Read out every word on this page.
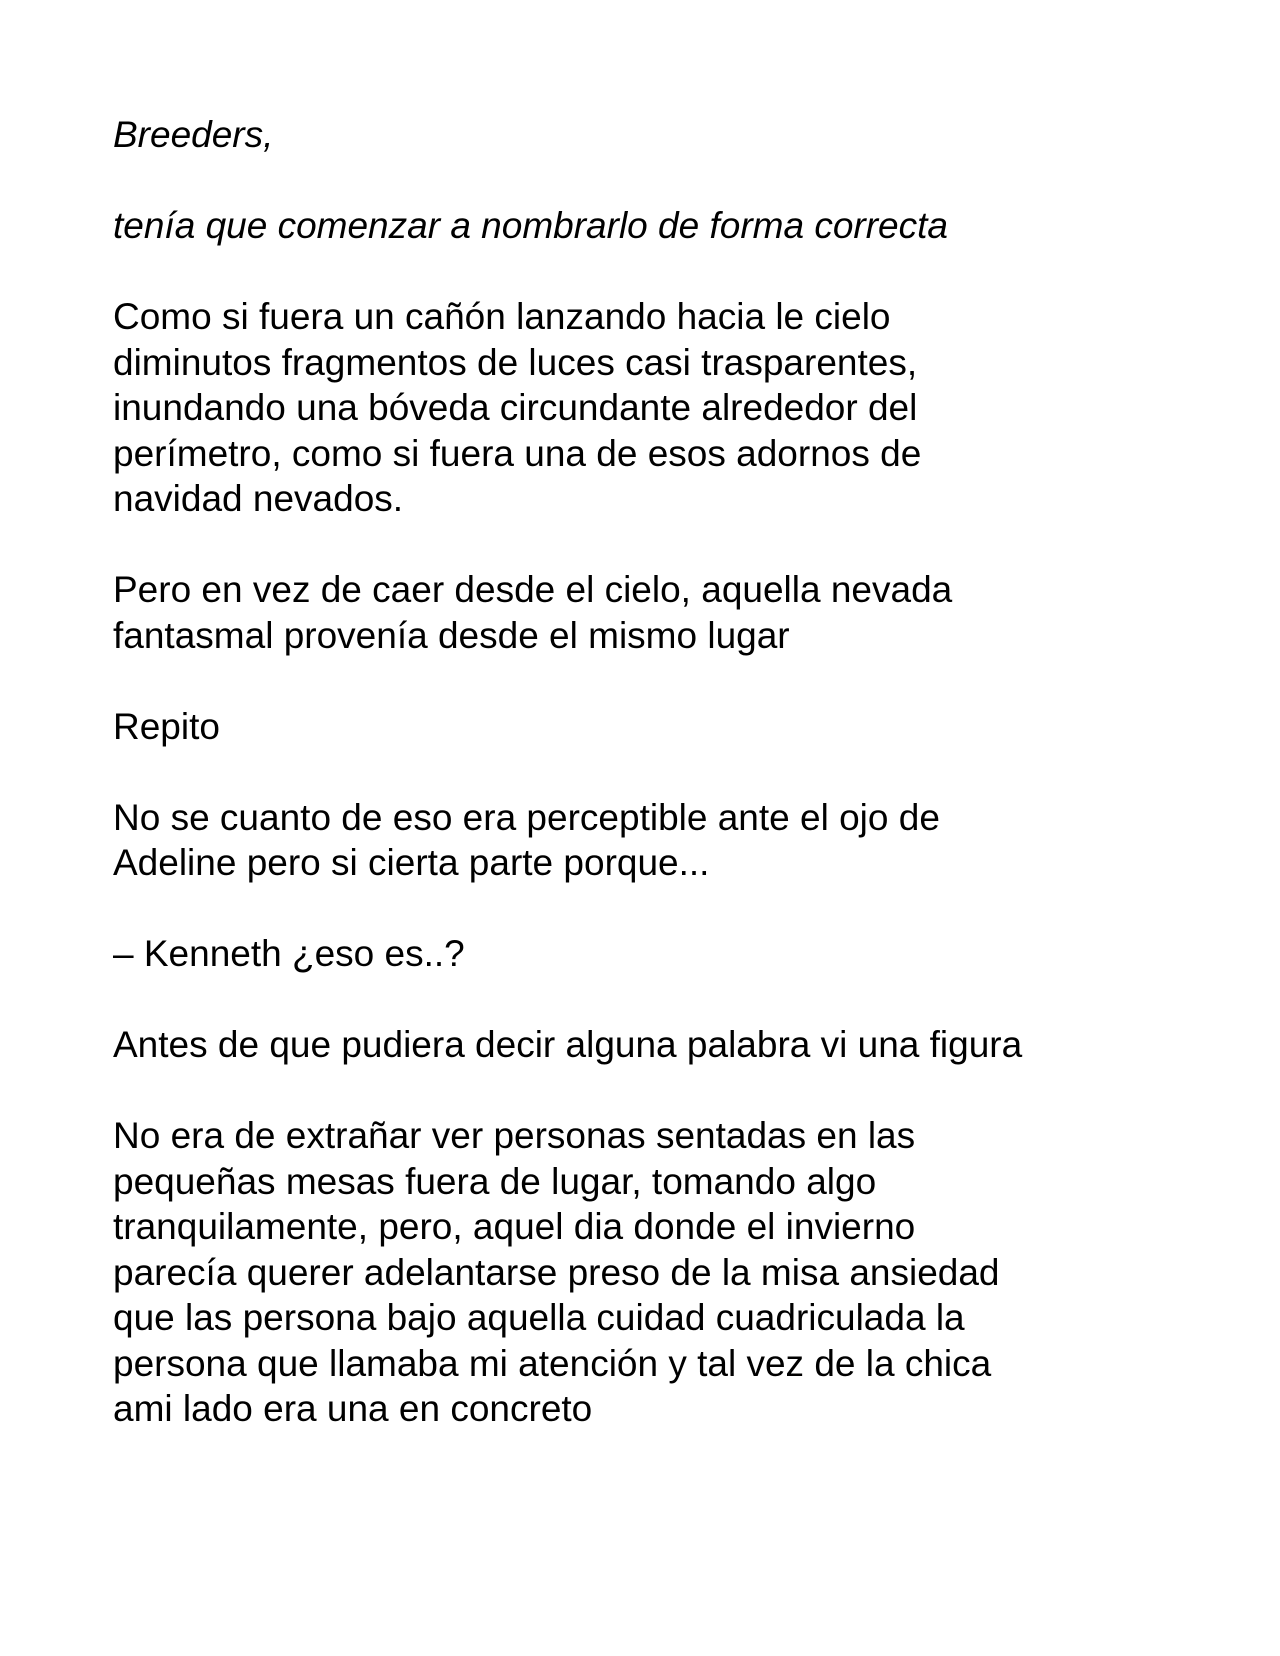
Breeders,

tenía que comenzar a nombrarlo de forma correcta

Como si fuera un cañón lanzando hacia le cielo
diminutos fragmentos de luces casi trasparentes,
inundando una bóveda circundante alrededor del
perímetro, como si fuera una de esos adornos de
navidad nevados.

Pero en vez de caer desde el cielo, aquella nevada
fantasmal provenía desde el mismo lugar

Repito

No se cuanto de eso era perceptible ante el ojo de
Adeline pero si cierta parte porque...

– Kenneth ¿eso es..?

Antes de que pudiera decir alguna palabra vi una figura

No era de extrañar ver personas sentadas en las
pequeñas mesas fuera de lugar, tomando algo
tranquilamente, pero, aquel dia donde el invierno
parecía querer adelantarse preso de la misa ansiedad
que las persona bajo aquella cuidad cuadriculada la
persona que llamaba mi atención y tal vez de la chica
ami lado era una en concreto
